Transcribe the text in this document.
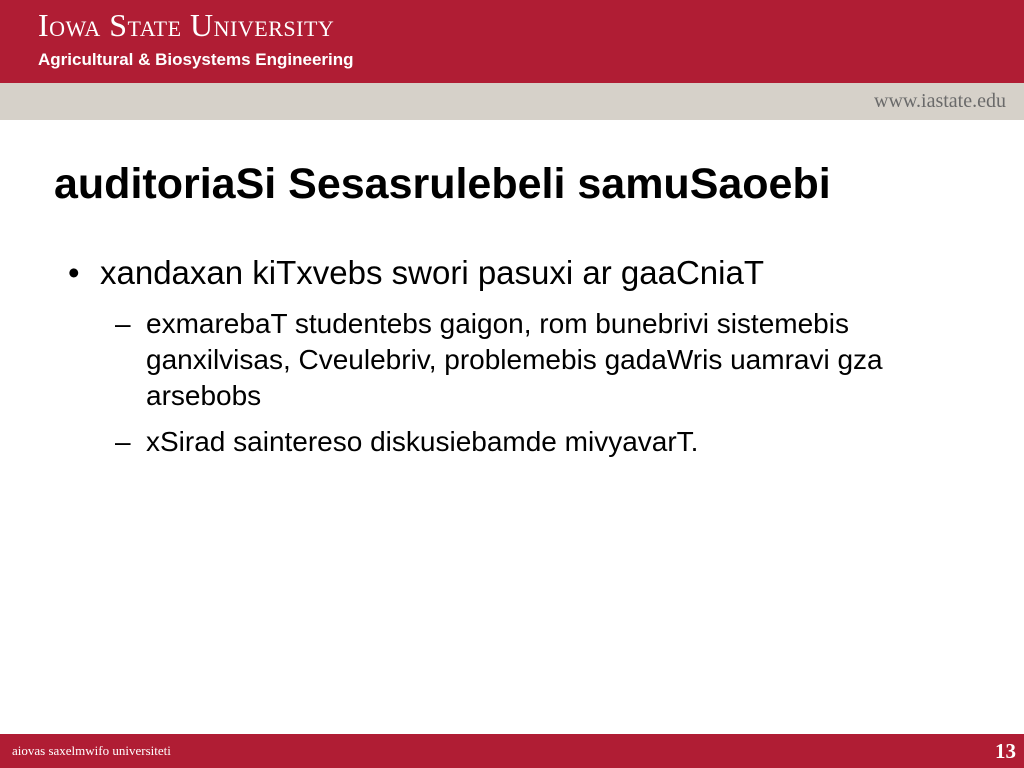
Iowa State University
Agricultural & Biosystems Engineering
www.iastate.edu
auditoriaSi Sesasrulebeli samuSaoebi
• xandaxan kiTxvebs swori pasuxi ar gaaCniaT
– exmarebaT studentebs gaigon, rom bunebrivi sistemebis ganxilvisas, Cveulebriv, problemebis gadaWris uamravi gza arsebobs
– xSirad saintereso diskusiebamde mivyavarT.
aiovas saxelmwifo universiteti	13
